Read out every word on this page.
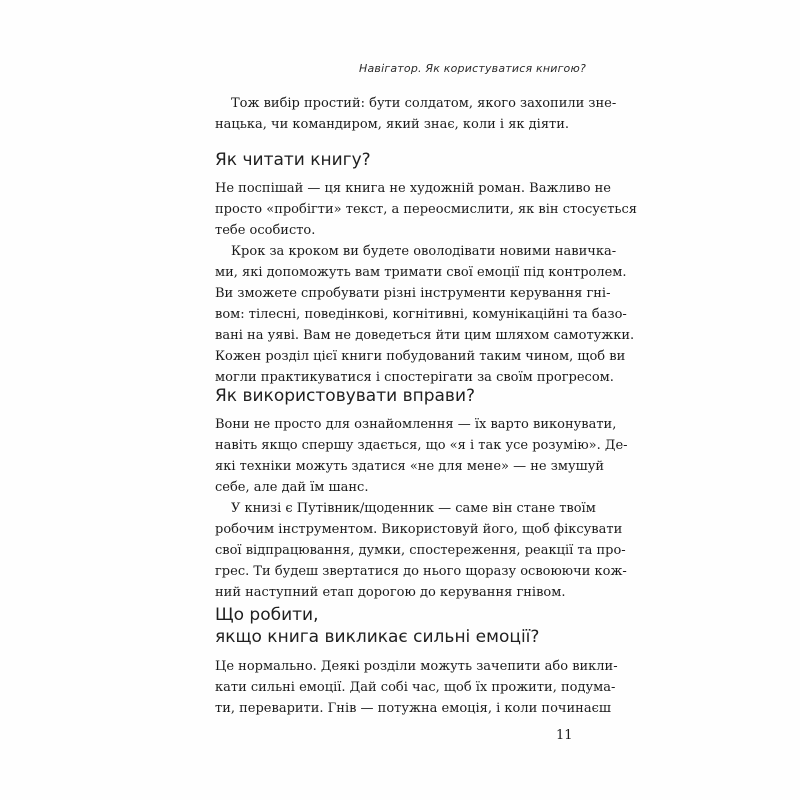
Навігатор. Як користуватися книгою?
Тож вибір простий: бути солдатом, якого захопили зне-
нацька, чи командиром, який знає, коли і як діяти.
Як читати книгу?
Не поспішай — ця книга не художній роман. Важливо не
просто «пробігти» текст, а переосмислити, як він стосується
тебе особисто.
Крок за кроком ви будете оволодівати новими навичка-
ми, які допоможуть вам тримати свої емоції під контролем.
Ви зможете спробувати різні інструменти керування гні-
вом: тілесні, поведінкові, когнітивні, комунікаційні та базо-
вані на уяві. Вам не доведеться йти цим шляхом самотужки.
Кожен розділ цієї книги побудований таким чином, щоб ви
могли практикуватися і спостерігати за своїм прогресом.
Як використовувати вправи?
Вони не просто для ознайомлення — їх варто виконувати,
навіть якщо спершу здається, що «я і так усе розумію». Де-
які техніки можуть здатися «не для мене» — не змушуй
себе, але дай їм шанс.
У книзі є Путівник/щоденник — саме він стане твоїм
робочим інструментом. Використовуй його, щоб фіксувати
свої відпрацювання, думки, спостереження, реакції та про-
грес. Ти будеш звертатися до нього щоразу освоюючи кож-
ний наступний етап дорогою до керування гнівом.
Що робити,
якщо книга викликає сильні емоції?
Це нормально. Деякі розділи можуть зачепити або викли-
кати сильні емоції. Дай собі час, щоб їх прожити, подума-
ти, переварити. Гнів — потужна емоція, і коли починаєш
11
